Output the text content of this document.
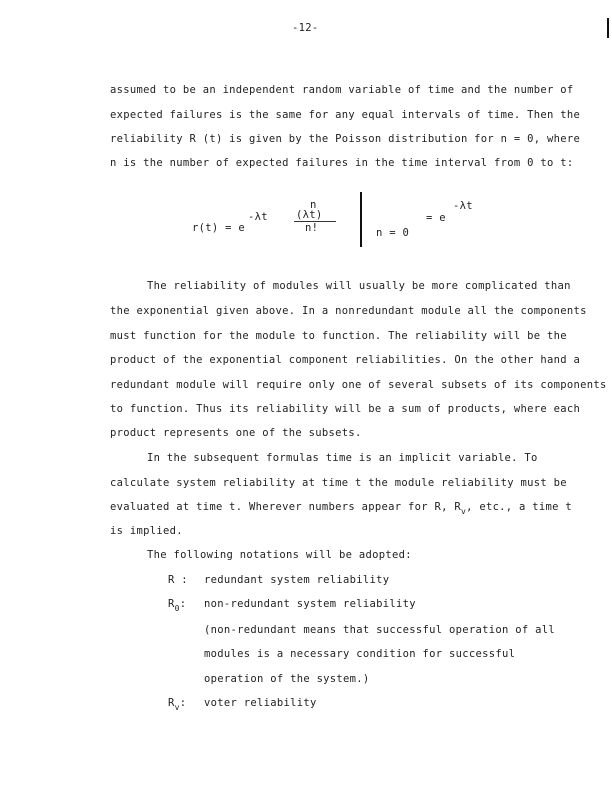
-12-
assumed to be an independent random variable of time and the number of
expected failures is the same for any equal intervals of time. Then the
reliability R (t) is given by the Poisson distribution for n = 0, where
n is the number of expected failures in the time interval from 0 to t:
r(t) = e
-λt
n
(λt)
n!	n = 0
= e
-λt
The reliability of modules will usually be more complicated than
the exponential given above. In a nonredundant module all the components
must function for the module to function. The reliability will be the
product of the exponential component reliabilities. On the other hand a
redundant module will require only one of several subsets of its components
to function. Thus its reliability will be a sum of products, where each
product represents one of the subsets.
In the subsequent formulas time is an implicit variable. To
calculate system reliability at time t the module reliability must be
evaluated at time t. Wherever numbers appear for R, $R_v$, etc., a time t
is implied.
The following notations will be adopted:
R : redundant system reliability
$R_0$: non-redundant system reliability
(non-redundant means that successful operation of all
modules is a necessary condition for successful
operation of the system.)
$R_v$: voter reliability
